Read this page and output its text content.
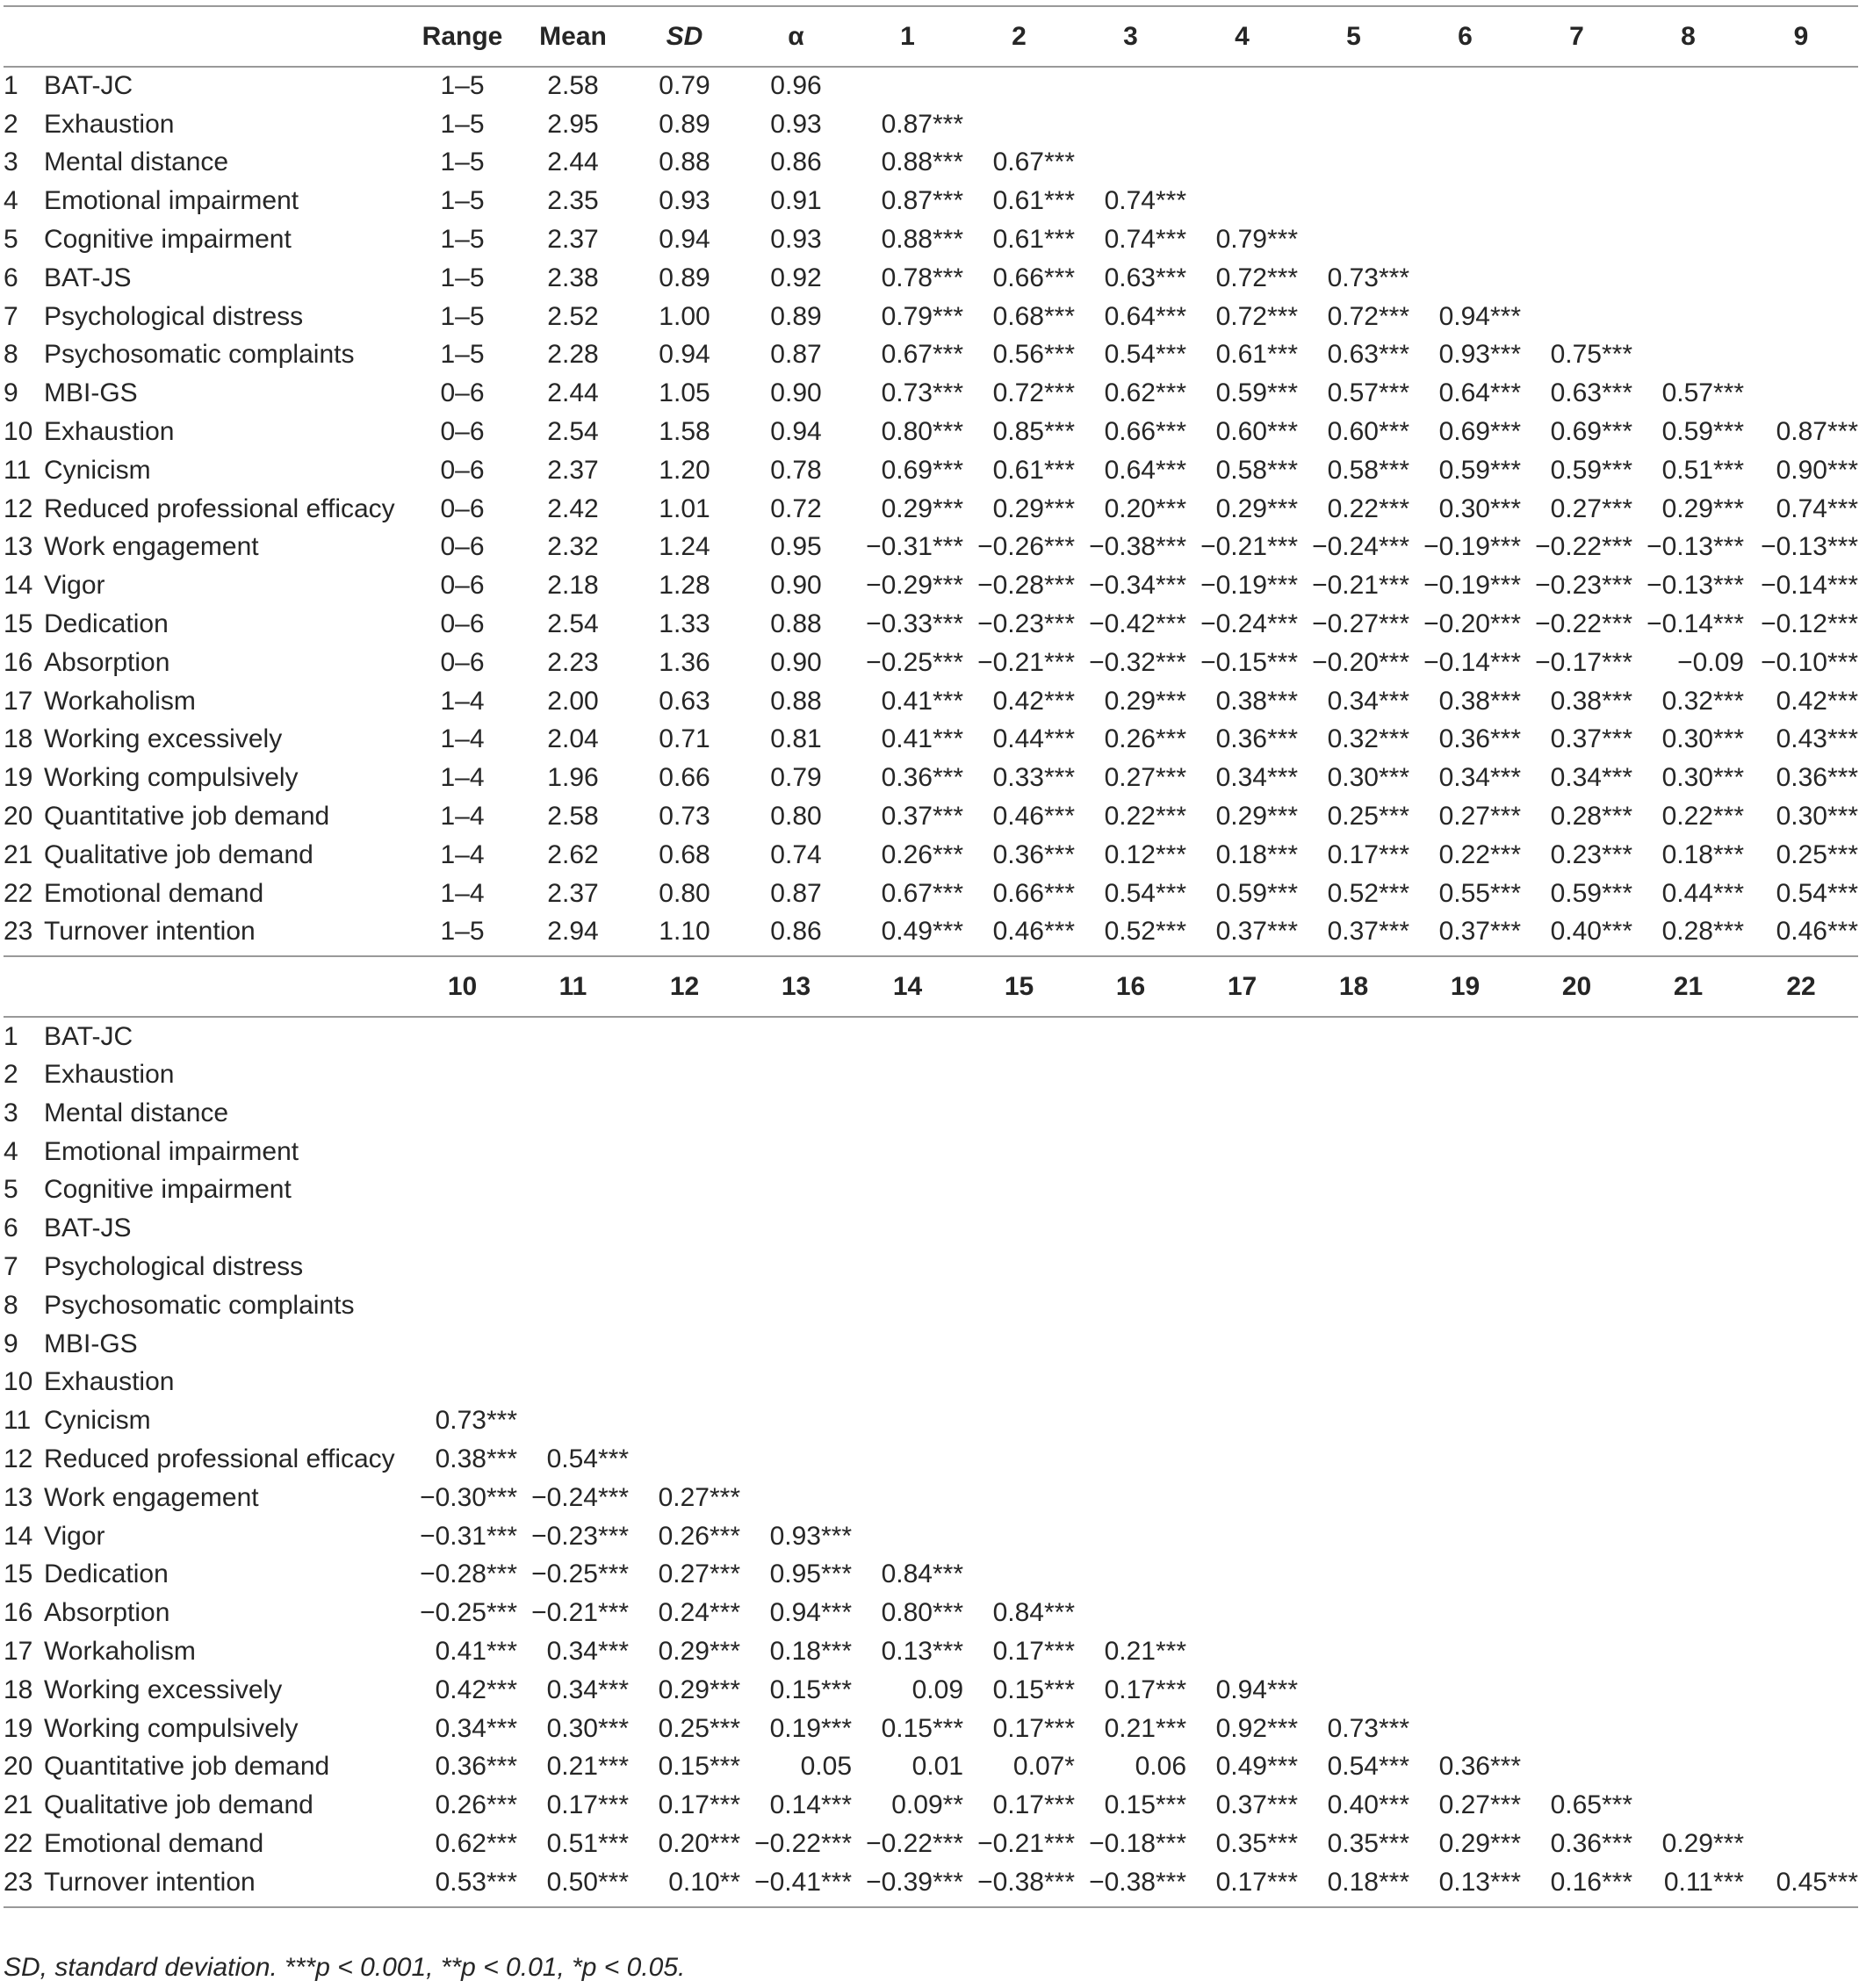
		Range	Mean	SD	α	1	2	3	4	5	6	7	8	9
1	BAT-JC	1–5	2.58	0.79	0.96									
2	Exhaustion	1–5	2.95	0.89	0.93	0.87***								
3	Mental distance	1–5	2.44	0.88	0.86	0.88***	0.67***							
4	Emotional impairment	1–5	2.35	0.93	0.91	0.87***	0.61***	0.74***						
5	Cognitive impairment	1–5	2.37	0.94	0.93	0.88***	0.61***	0.74***	0.79***					
6	BAT-JS	1–5	2.38	0.89	0.92	0.78***	0.66***	0.63***	0.72***	0.73***				
7	Psychological distress	1–5	2.52	1.00	0.89	0.79***	0.68***	0.64***	0.72***	0.72***	0.94***			
8	Psychosomatic complaints	1–5	2.28	0.94	0.87	0.67***	0.56***	0.54***	0.61***	0.63***	0.93***	0.75***		
9	MBI-GS	0–6	2.44	1.05	0.90	0.73***	0.72***	0.62***	0.59***	0.57***	0.64***	0.63***	0.57***	
10	Exhaustion	0–6	2.54	1.58	0.94	0.80***	0.85***	0.66***	0.60***	0.60***	0.69***	0.69***	0.59***	0.87***
11	Cynicism	0–6	2.37	1.20	0.78	0.69***	0.61***	0.64***	0.58***	0.58***	0.59***	0.59***	0.51***	0.90***
12	Reduced professional efficacy	0–6	2.42	1.01	0.72	0.29***	0.29***	0.20***	0.29***	0.22***	0.30***	0.27***	0.29***	0.74***
13	Work engagement	0–6	2.32	1.24	0.95	−0.31***	−0.26***	−0.38***	−0.21***	−0.24***	−0.19***	−0.22***	−0.13***	−0.13***
14	Vigor	0–6	2.18	1.28	0.90	−0.29***	−0.28***	−0.34***	−0.19***	−0.21***	−0.19***	−0.23***	−0.13***	−0.14***
15	Dedication	0–6	2.54	1.33	0.88	−0.33***	−0.23***	−0.42***	−0.24***	−0.27***	−0.20***	−0.22***	−0.14***	−0.12***
16	Absorption	0–6	2.23	1.36	0.90	−0.25***	−0.21***	−0.32***	−0.15***	−0.20***	−0.14***	−0.17***	−0.09	−0.10***
17	Workaholism	1–4	2.00	0.63	0.88	0.41***	0.42***	0.29***	0.38***	0.34***	0.38***	0.38***	0.32***	0.42***
18	Working excessively	1–4	2.04	0.71	0.81	0.41***	0.44***	0.26***	0.36***	0.32***	0.36***	0.37***	0.30***	0.43***
19	Working compulsively	1–4	1.96	0.66	0.79	0.36***	0.33***	0.27***	0.34***	0.30***	0.34***	0.34***	0.30***	0.36***
20	Quantitative job demand	1–4	2.58	0.73	0.80	0.37***	0.46***	0.22***	0.29***	0.25***	0.27***	0.28***	0.22***	0.30***
21	Qualitative job demand	1–4	2.62	0.68	0.74	0.26***	0.36***	0.12***	0.18***	0.17***	0.22***	0.23***	0.18***	0.25***
22	Emotional demand	1–4	2.37	0.80	0.87	0.67***	0.66***	0.54***	0.59***	0.52***	0.55***	0.59***	0.44***	0.54***
23	Turnover intention	1–5	2.94	1.10	0.86	0.49***	0.46***	0.52***	0.37***	0.37***	0.37***	0.40***	0.28***	0.46***

		10	11	12	13	14	15	16	17	18	19	20	21	22
1	BAT-JC													
2	Exhaustion													
3	Mental distance													
4	Emotional impairment													
5	Cognitive impairment													
6	BAT-JS													
7	Psychological distress													
8	Psychosomatic complaints													
9	MBI-GS													
10	Exhaustion													
11	Cynicism	0.73***												
12	Reduced professional efficacy	0.38***	0.54***											
13	Work engagement	−0.30***	−0.24***	0.27***										
14	Vigor	−0.31***	−0.23***	0.26***	0.93***									
15	Dedication	−0.28***	−0.25***	0.27***	0.95***	0.84***								
16	Absorption	−0.25***	−0.21***	0.24***	0.94***	0.80***	0.84***							
17	Workaholism	0.41***	0.34***	0.29***	0.18***	0.13***	0.17***	0.21***						
18	Working excessively	0.42***	0.34***	0.29***	0.15***	0.09	0.15***	0.17***	0.94***					
19	Working compulsively	0.34***	0.30***	0.25***	0.19***	0.15***	0.17***	0.21***	0.92***	0.73***				
20	Quantitative job demand	0.36***	0.21***	0.15***	0.05	0.01	0.07*	0.06	0.49***	0.54***	0.36***			
21	Qualitative job demand	0.26***	0.17***	0.17***	0.14***	0.09**	0.17***	0.15***	0.37***	0.40***	0.27***	0.65***		
22	Emotional demand	0.62***	0.51***	0.20***	−0.22***	−0.22***	−0.21***	−0.18***	0.35***	0.35***	0.29***	0.36***	0.29***	
23	Turnover intention	0.53***	0.50***	0.10**	−0.41***	−0.39***	−0.38***	−0.38***	0.17***	0.18***	0.13***	0.16***	0.11***	0.45***

SD, standard deviation. ***p < 0.001, **p < 0.01, *p < 0.05.
